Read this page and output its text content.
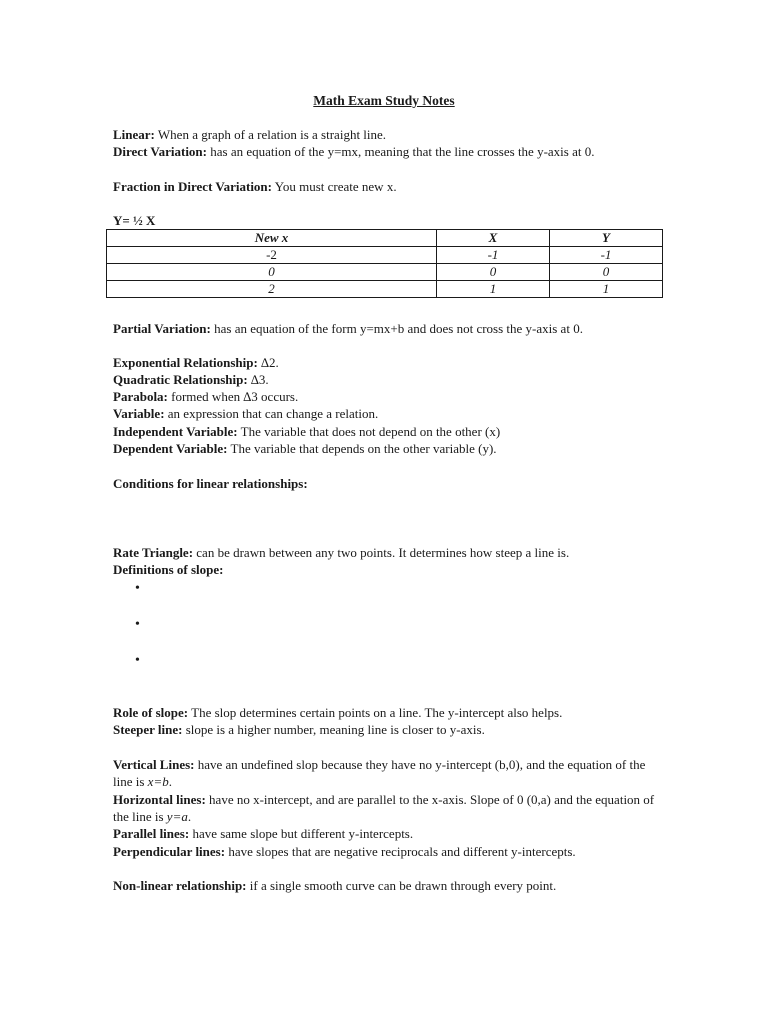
Math Exam Study Notes
Linear: When a graph of a relation is a straight line.
Direct Variation: has an equation of the y=mx, meaning that the line crosses the y-axis at 0.
Fraction in Direct Variation: You must create new x.
Y= ½ X
New x	X	Y
-2	-1	-1
0	0	0
2	1	1
Partial Variation: has an equation of the form y=mx+b and does not cross the y-axis at 0.
Exponential Relationship: ∆2.
Quadratic Relationship: ∆3.
Parabola: formed when ∆3 occurs.
Variable: an expression that can change a relation.
Independent Variable: The variable that does not depend on the other (x)
Dependent Variable: The variable that depends on the other variable (y).
Conditions for linear relationships:
Rate Triangle: can be drawn between any two points. It determines how steep a line is.
Definitions of slope:
•
•
•
Role of slope: The slop determines certain points on a line. The y-intercept also helps.
Steeper line: slope is a higher number, meaning line is closer to y-axis.
Vertical Lines: have an undefined slop because they have no y-intercept (b,0), and the equation of the line is x=b.
Horizontal lines: have no x-intercept, and are parallel to the x-axis. Slope of 0 (0,a) and the equation of the line is y=a.
Parallel lines: have same slope but different y-intercepts.
Perpendicular lines: have slopes that are negative reciprocals and different y-intercepts.
Non-linear relationship: if a single smooth curve can be drawn through every point.
